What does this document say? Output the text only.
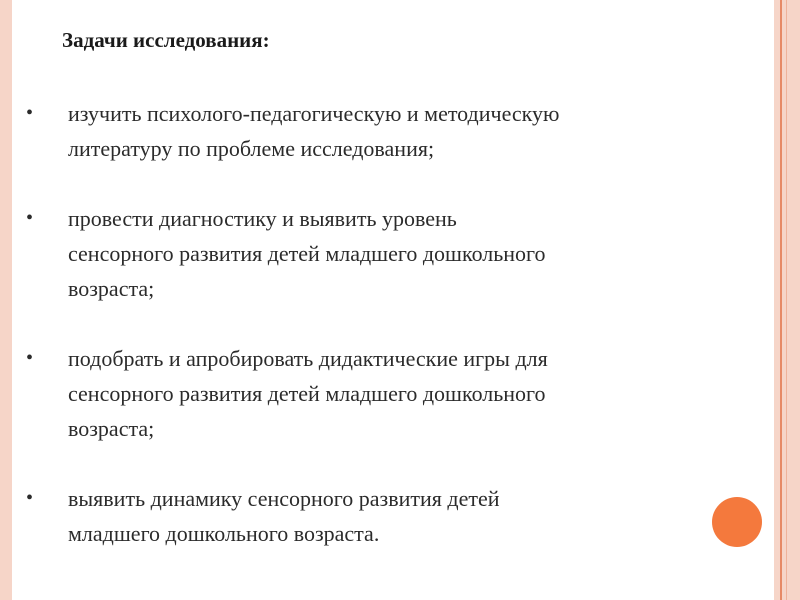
Задачи исследования:
• изучить психолого-педагогическую и методическую
литературу по проблеме исследования;
• провести диагностику и выявить уровень
сенсорного развития детей младшего дошкольного
возраста;
• подобрать и апробировать дидактические игры для
сенсорного развития детей младшего дошкольного
возраста;
• выявить динамику сенсорного развития детей
младшего дошкольного возраста.
